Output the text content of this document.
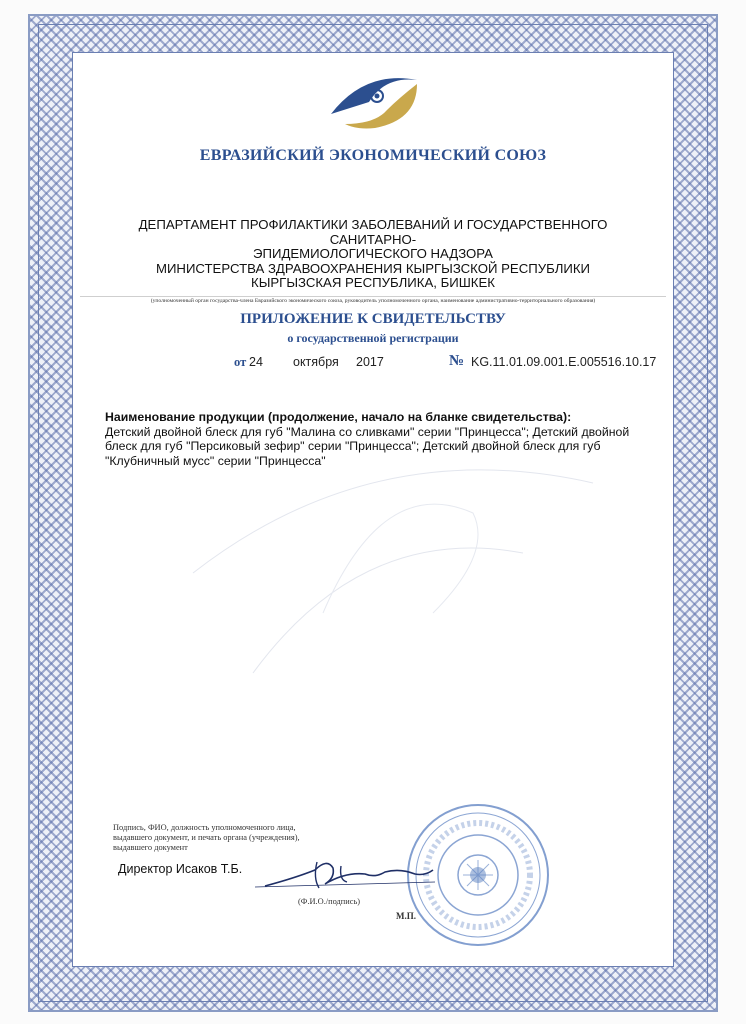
ЕВРАЗИЙСКИЙ ЭКОНОМИЧЕСКИЙ СОЮЗ
ДЕПАРТАМЕНТ ПРОФИЛАКТИКИ ЗАБОЛЕВАНИЙ И ГОСУДАРСТВЕННОГО САНИТАРНО-
ЭПИДЕМИОЛОГИЧЕСКОГО НАДЗОРА
МИНИСТЕРСТВА ЗДРАВООХРАНЕНИЯ КЫРГЫЗСКОЙ РЕСПУБЛИКИ
КЫРГЫЗСКАЯ РЕСПУБЛИКА, БИШКЕК
(уполномоченный орган государства-члена Евразийского экономического союза, руководитель уполномоченного органа, наименование административно-территориального образования)
ПРИЛОЖЕНИЕ К СВИДЕТЕЛЬСТВУ
о государственной регистрации
от 24 октября 2017	№ KG.11.01.09.001.Е.005516.10.17
Наименование продукции (продолжение, начало на бланке свидетельства):
Детский двойной блеск для губ "Малина со сливками" серии "Принцесса"; Детский двойной блеск для губ "Персиковый зефир" серии "Принцесса"; Детский двойной блеск для губ "Клубничный мусс" серии "Принцесса"
Подпись, ФИО, должность уполномоченного лица,
выдавшего документ, и печать органа (учреждения),
выдавшего документ
Директор Исаков Т.Б.
(Ф.И.О./подпись)
М.П.
